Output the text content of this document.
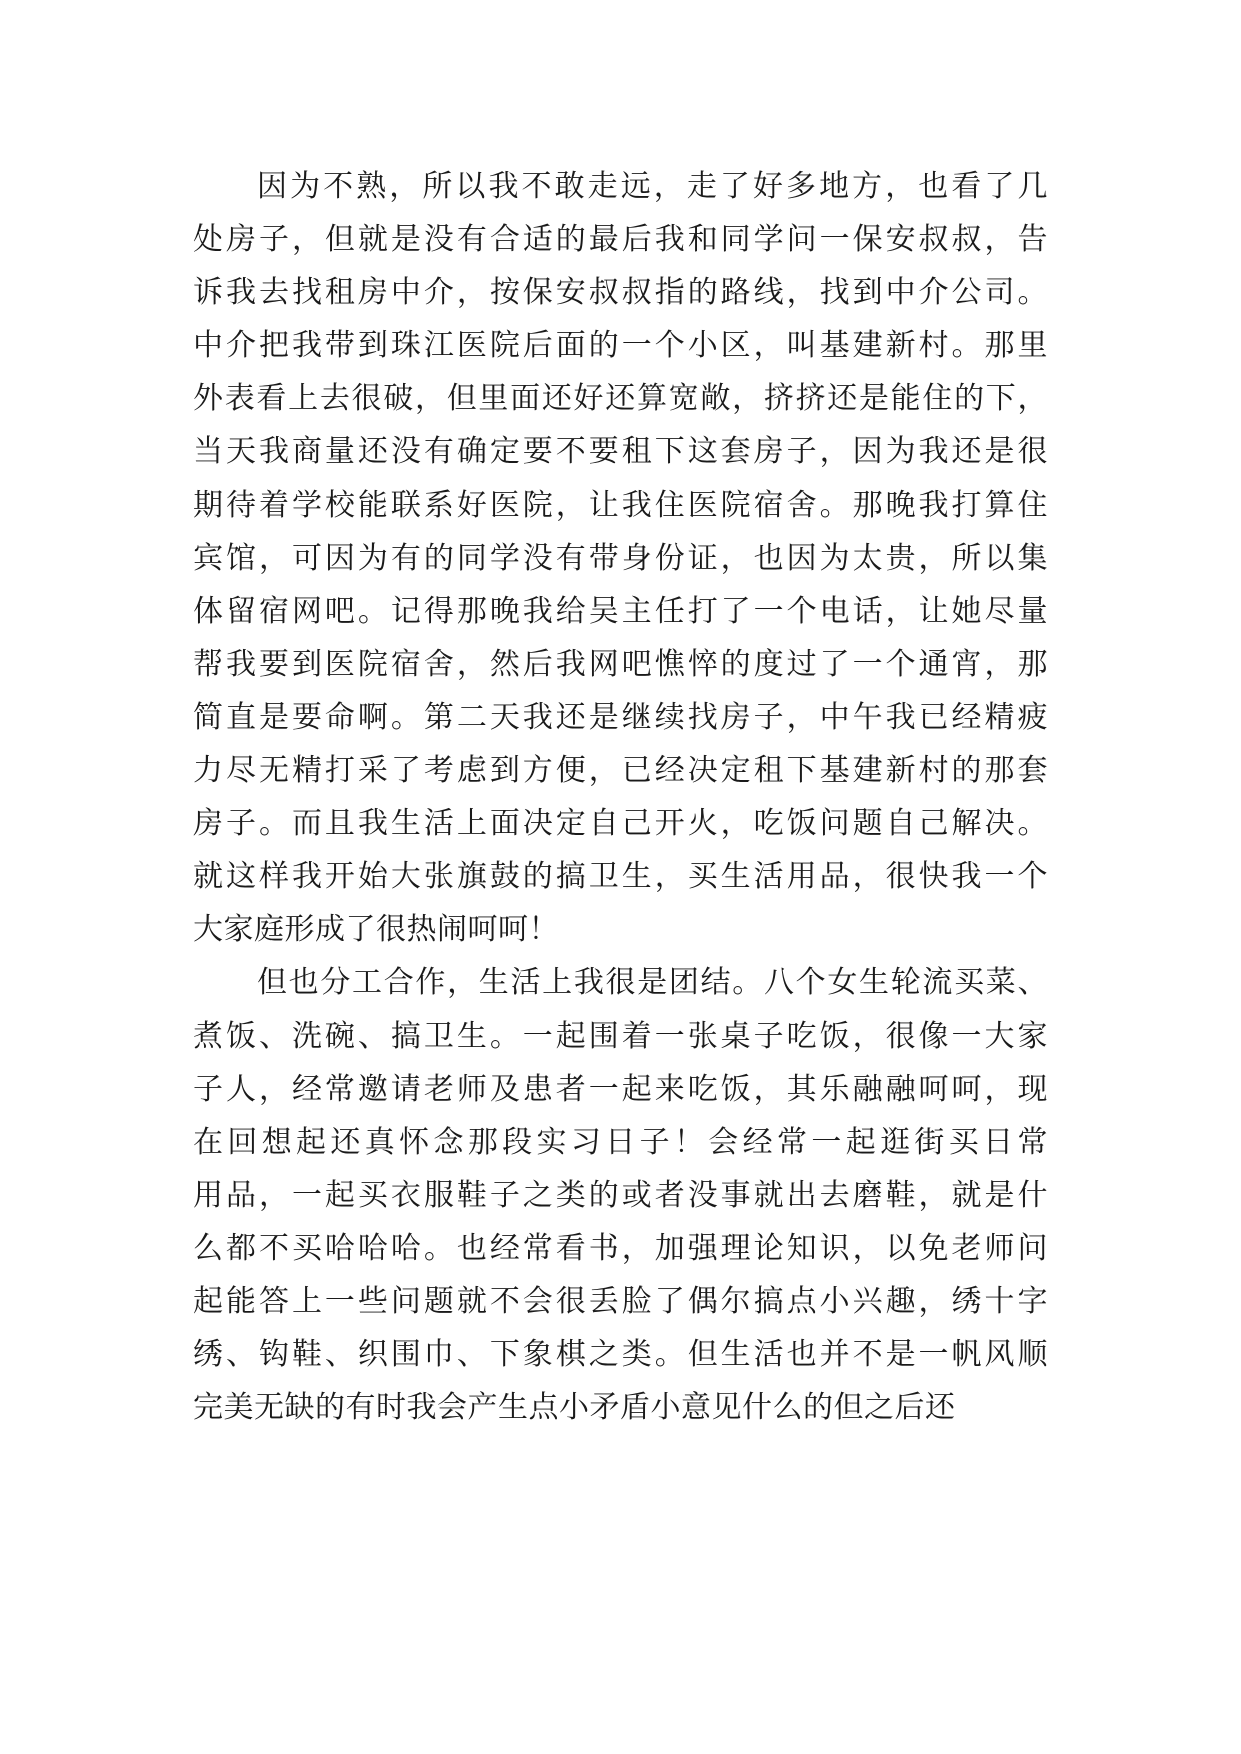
因为不熟，所以我不敢走远，走了好多地方，也看了几
处房子，但就是没有合适的最后我和同学问一保安叔叔，告
诉我去找租房中介，按保安叔叔指的路线，找到中介公司。
中介把我带到珠江医院后面的一个小区，叫基建新村。那里
外表看上去很破，但里面还好还算宽敞，挤挤还是能住的下，
当天我商量还没有确定要不要租下这套房子，因为我还是很
期待着学校能联系好医院，让我住医院宿舍。那晚我打算住
宾馆，可因为有的同学没有带身份证，也因为太贵，所以集
体留宿网吧。记得那晚我给吴主任打了一个电话，让她尽量
帮我要到医院宿舍，然后我网吧憔悴的度过了一个通宵，那
简直是要命啊。第二天我还是继续找房子，中午我已经精疲
力尽无精打采了考虑到方便，已经决定租下基建新村的那套
房子。而且我生活上面决定自己开火，吃饭问题自己解决。
就这样我开始大张旗鼓的搞卫生，买生活用品，很快我一个
大家庭形成了很热闹呵呵！
但也分工合作，生活上我很是团结。八个女生轮流买菜、
煮饭、洗碗、搞卫生。一起围着一张桌子吃饭，很像一大家
子人，经常邀请老师及患者一起来吃饭，其乐融融呵呵，现
在回想起还真怀念那段实习日子！会经常一起逛街买日常
用品，一起买衣服鞋子之类的或者没事就出去磨鞋，就是什
么都不买哈哈哈。也经常看书，加强理论知识，以免老师问
起能答上一些问题就不会很丢脸了偶尔搞点小兴趣，绣十字
绣、钩鞋、织围巾、下象棋之类。但生活也并不是一帆风顺
完美无缺的有时我会产生点小矛盾小意见什么的但之后还
